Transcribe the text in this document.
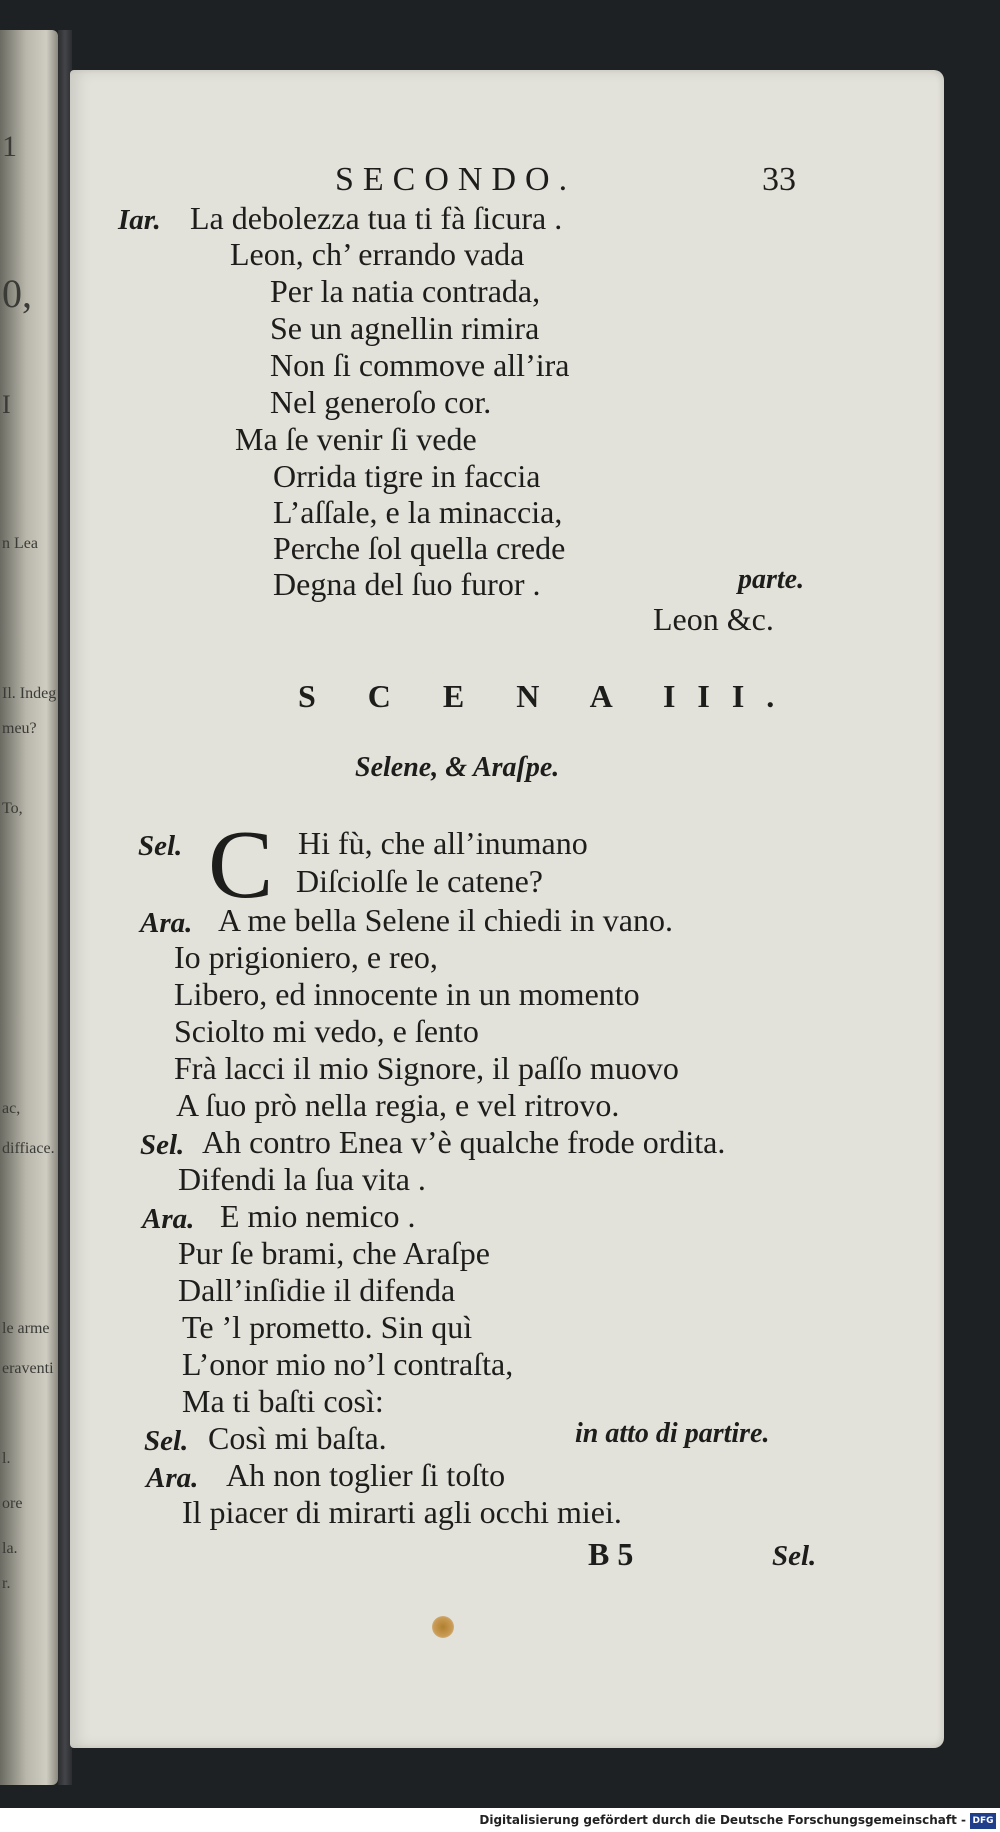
1
0,
I
n Lea
Il. Indeg
meu?
To,
ac,
diffiace.
le arme
eraventi
l.
ore
la.
r.
SECONDO.	33
Iar. La debolezza tua ti fà ſicura .
Leon, ch’ errando vada
Per la natia contrada,
Se un agnellin rimira
Non ſi commove all’ira
Nel generoſo cor.
Ma ſe venir ſi vede
Orrida tigre in faccia
L’aſſale, e la minaccia,
Perche ſol quella crede
Degna del ſuo furor .	parte.
Leon &c.
S C E N A III.
Selene, & Araſpe.
Sel. C Hi fù, che all’inumano
Diſciolſe le catene?
Ara. A me bella Selene il chiedi in vano.
Io prigioniero, e reo,
Libero, ed innocente in un momento
Sciolto mi vedo, e ſento
Frà lacci il mio Signore, il paſſo muovo
A ſuo prò nella regia, e vel ritrovo.
Sel. Ah contro Enea v’è qualche frode ordita.
Difendi la ſua vita .
Ara. E mio nemico .
Pur ſe brami, che Araſpe
Dall’inſidie il difenda
Te ’l prometto. Sin quì
L’onor mio no’l contraſta,
Ma ti baſti così:
Sel. Così mi baſta.	in atto di partire.
Ara. Ah non toglier ſi toſto
Il piacer di mirarti agli occhi miei.
B 5	Sel.
Digitalisierung gefördert durch die Deutsche Forschungsgemeinschaft - DFG
